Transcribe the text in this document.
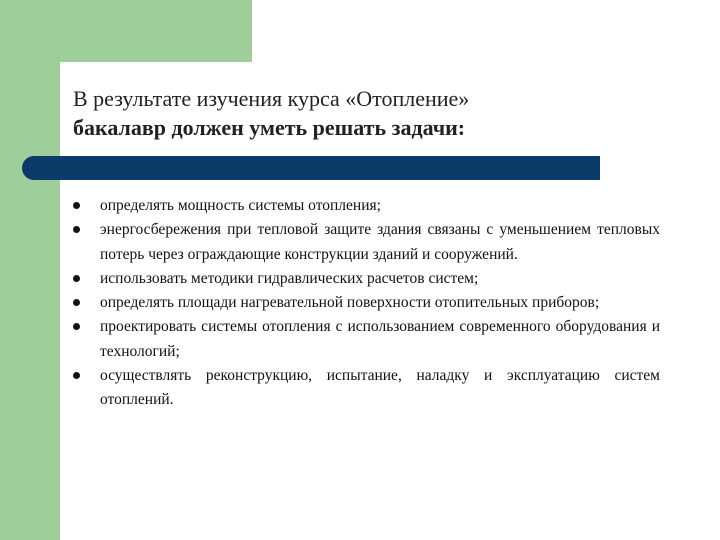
В результате изучения курса «Отопление»
бакалавр должен уметь решать задачи:
определять мощность системы отопления;
энергосбережения при тепловой защите здания связаны с уменьшением тепловых потерь через ограждающие конструкции зданий и сооружений.
использовать методики гидравлических расчетов систем;
определять площади нагревательной поверхности отопительных приборов;
проектировать системы отопления с использованием современного оборудования и технологий;
осуществлять реконструкцию, испытание, наладку и эксплуатацию систем отоплений.
